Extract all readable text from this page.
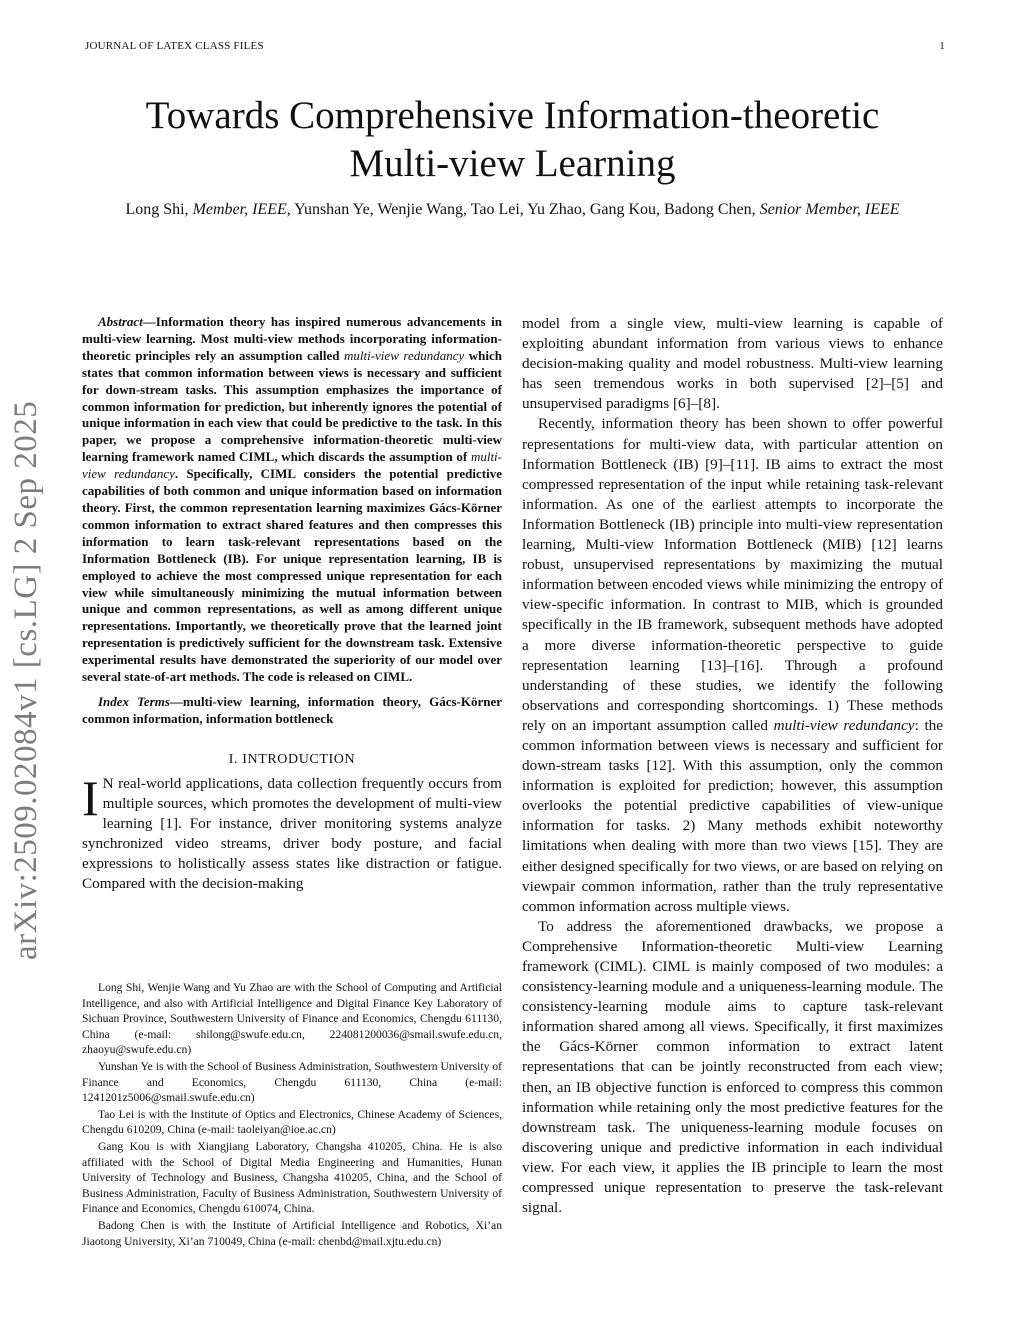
JOURNAL OF LATEX CLASS FILES	1
arXiv:2509.02084v1 [cs.LG] 2 Sep 2025
Towards Comprehensive Information-theoretic
Multi-view Learning
Long Shi, Member, IEEE, Yunshan Ye, Wenjie Wang, Tao Lei, Yu Zhao, Gang Kou, Badong Chen, Senior Member, IEEE
Abstract—Information theory has inspired numerous advancements in multi-view learning. Most multi-view methods incorporating information-theoretic principles rely an assumption called multi-view redundancy which states that common information between views is necessary and sufficient for down-stream tasks. This assumption emphasizes the importance of common information for prediction, but inherently ignores the potential of unique information in each view that could be predictive to the task. In this paper, we propose a comprehensive information-theoretic multi-view learning framework named CIML, which discards the assumption of multi-view redundancy. Specifically, CIML considers the potential predictive capabilities of both common and unique information based on information theory. First, the common representation learning maximizes Gács-Körner common information to extract shared features and then compresses this information to learn task-relevant representations based on the Information Bottleneck (IB). For unique representation learning, IB is employed to achieve the most compressed unique representation for each view while simultaneously minimizing the mutual information between unique and common representations, as well as among different unique representations. Importantly, we theoretically prove that the learned joint representation is predictively sufficient for the downstream task. Extensive experimental results have demonstrated the superiority of our model over several state-of-art methods. The code is released on CIML.
Index Terms—multi-view learning, information theory, Gács-Körner common information, information bottleneck
I. INTRODUCTION
I N real-world applications, data collection frequently occurs from multiple sources, which promotes the development of multi-view learning [1]. For instance, driver monitoring systems analyze synchronized video streams, driver body posture, and facial expressions to holistically assess states like distraction or fatigue. Compared with the decision-making

Long Shi, Wenjie Wang and Yu Zhao are with the School of Computing and Artificial Intelligence, and also with Artificial Intelligence and Digital Finance Key Laboratory of Sichuan Province, Southwestern University of Finance and Economics, Chengdu 611130, China (e-mail: shilong@swufe.edu.cn, 224081200036@smail.swufe.edu.cn, zhaoyu@swufe.edu.cn)

Yunshan Ye is with the School of Business Administration, Southwestern University of Finance and Economics, Chengdu 611130, China (e-mail: 1241201z5006@smail.swufe.edu.cn)

Tao Lei is with the Institute of Optics and Electronics, Chinese Academy of Sciences, Chengdu 610209, China (e-mail: taoleiyan@ioe.ac.cn)

Gang Kou is with Xiangjiang Laboratory, Changsha 410205, China. He is also affiliated with the School of Digital Media Engineering and Humanities, Hunan University of Technology and Business, Changsha 410205, China, and the School of Business Administration, Faculty of Business Administration, Southwestern University of Finance and Economics, Chengdu 610074, China.

Badong Chen is with the Institute of Artificial Intelligence and Robotics, Xi’an Jiaotong University, Xi’an 710049, China (e-mail: chenbd@mail.xjtu.edu.cn)

model from a single view, multi-view learning is capable of exploiting abundant information from various views to enhance decision-making quality and model robustness. Multi-view learning has seen tremendous works in both supervised [2]–[5] and unsupervised paradigms [6]–[8].

Recently, information theory has been shown to offer powerful representations for multi-view data, with particular attention on Information Bottleneck (IB) [9]–[11]. IB aims to extract the most compressed representation of the input while retaining task-relevant information. As one of the earliest attempts to incorporate the Information Bottleneck (IB) principle into multi-view representation learning, Multi-view Information Bottleneck (MIB) [12] learns robust, unsupervised representations by maximizing the mutual information between encoded views while minimizing the entropy of view-specific information. In contrast to MIB, which is grounded specifically in the IB framework, subsequent methods have adopted a more diverse information-theoretic perspective to guide representation learning [13]–[16]. Through a profound understanding of these studies, we identify the following observations and corresponding shortcomings. 1) These methods rely on an important assumption called multi-view redundancy: the common information between views is necessary and sufficient for down-stream tasks [12]. With this assumption, only the common information is exploited for prediction; however, this assumption overlooks the potential predictive capabilities of view-unique information for tasks. 2) Many methods exhibit noteworthy limitations when dealing with more than two views [15]. They are either designed specifically for two views, or are based on relying on viewpair common information, rather than the truly representative common information across multiple views.

To address the aforementioned drawbacks, we propose a Comprehensive Information-theoretic Multi-view Learning framework (CIML). CIML is mainly composed of two modules: a consistency-learning module and a uniqueness-learning module. The consistency-learning module aims to capture task-relevant information shared among all views. Specifically, it first maximizes the Gács-Körner common information to extract latent representations that can be jointly reconstructed from each view; then, an IB objective function is enforced to compress this common information while retaining only the most predictive features for the downstream task. The uniqueness-learning module focuses on discovering unique and predictive information in each individual view. For each view, it applies the IB principle to learn the most compressed unique representation to preserve the task-relevant signal.
